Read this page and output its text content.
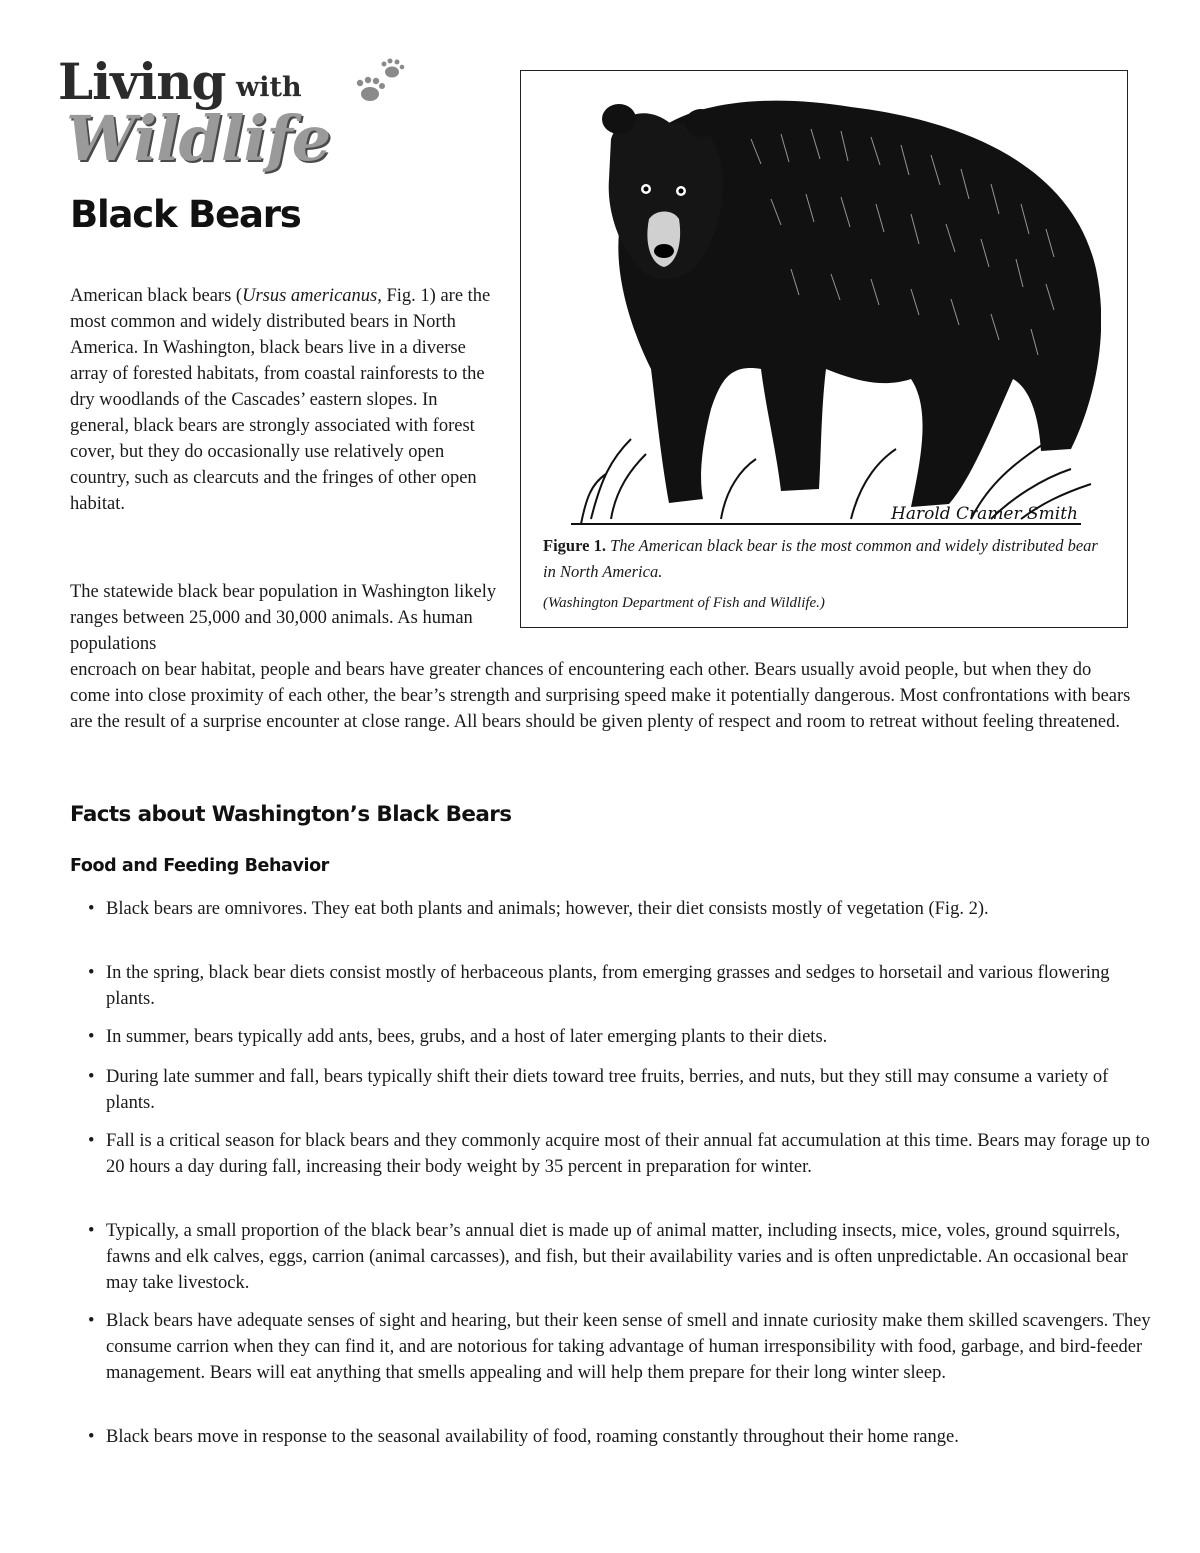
Living with
Wildlife
Black Bears
Harold Cramer Smith
Figure 1. The American black bear is the most common and widely distributed bear in North America.
(Washington Department of Fish and Wildlife.)

American black bears (Ursus americanus, Fig. 1) are the most common and widely distributed bears in North America. In Washington, black bears live in a diverse array of forested habitats, from coastal rainforests to the dry woodlands of the Cascades’ eastern slopes. In general, black bears are strongly associated with forest cover, but they do occasionally use relatively open country, such as clearcuts and the fringes of other open habitat.

The statewide black bear population in Washington likely ranges between 25,000 and 30,000 animals. As human populations
encroach on bear habitat, people and bears have greater chances of encountering each other. Bears usually avoid people, but when they do come into close proximity of each other, the bear’s strength and surprising speed make it potentially dangerous. Most confrontations with bears are the result of a surprise encounter at close range. All bears should be given plenty of respect and room to retreat without feeling threatened.

Facts about Washington’s Black Bears
Food and Feeding Behavior
• Black bears are omnivores. They eat both plants and animals; however, their diet consists mostly of vegetation (Fig. 2).
• In the spring, black bear diets consist mostly of herbaceous plants, from emerging grasses and sedges to horsetail and various flowering plants.
• In summer, bears typically add ants, bees, grubs, and a host of later emerging plants to their diets.
• During late summer and fall, bears typically shift their diets toward tree fruits, berries, and nuts, but they still may consume a variety of plants.
• Fall is a critical season for black bears and they commonly acquire most of their annual fat accumulation at this time. Bears may forage up to 20 hours a day during fall, increasing their body weight by 35 percent in preparation for winter.
• Typically, a small proportion of the black bear’s annual diet is made up of animal matter, including insects, mice, voles, ground squirrels, fawns and elk calves, eggs, carrion (animal carcasses), and fish, but their availability varies and is often unpredictable. An occasional bear may take livestock.
• Black bears have adequate senses of sight and hearing, but their keen sense of smell and innate curiosity make them skilled scavengers. They consume carrion when they can find it, and are notorious for taking advantage of human irresponsibility with food, garbage, and bird-feeder management. Bears will eat anything that smells appealing and will help them prepare for their long winter sleep.
• Black bears move in response to the seasonal availability of food, roaming constantly throughout their home range.
